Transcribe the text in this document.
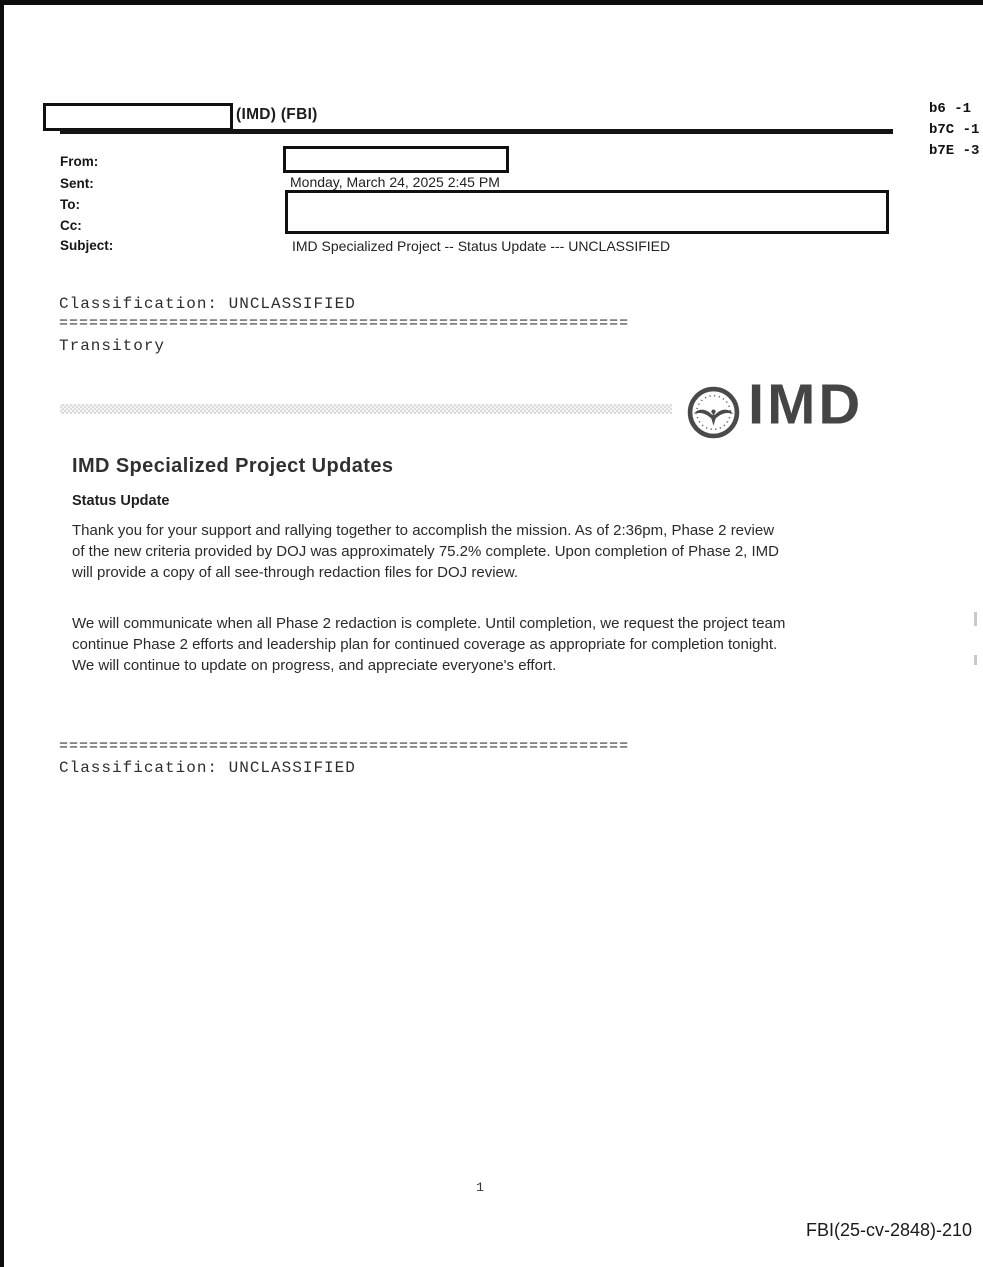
(IMD) (FBI)	b6 -1
b7C -1
b7E -3
From:
Sent:
To:
Cc:
Subject:
Monday, March 24, 2025 2:45 PM
IMD Specialized Project -- Status Update --- UNCLASSIFIED
Classification: UNCLASSIFIED
=========================================================
Transitory
IMD
IMD Specialized Project Updates
Status Update
Thank you for your support and rallying together to accomplish the mission. As of 2:36pm, Phase 2 review of the new criteria provided by DOJ was approximately 75.2% complete. Upon completion of Phase 2, IMD will provide a copy of all see-through redaction files for DOJ review.
We will communicate when all Phase 2 redaction is complete. Until completion, we request the project team continue Phase 2 efforts and leadership plan for continued coverage as appropriate for completion tonight. We will continue to update on progress, and appreciate everyone's effort.
=========================================================
Classification: UNCLASSIFIED
1
FBI(25-cv-2848)-210
